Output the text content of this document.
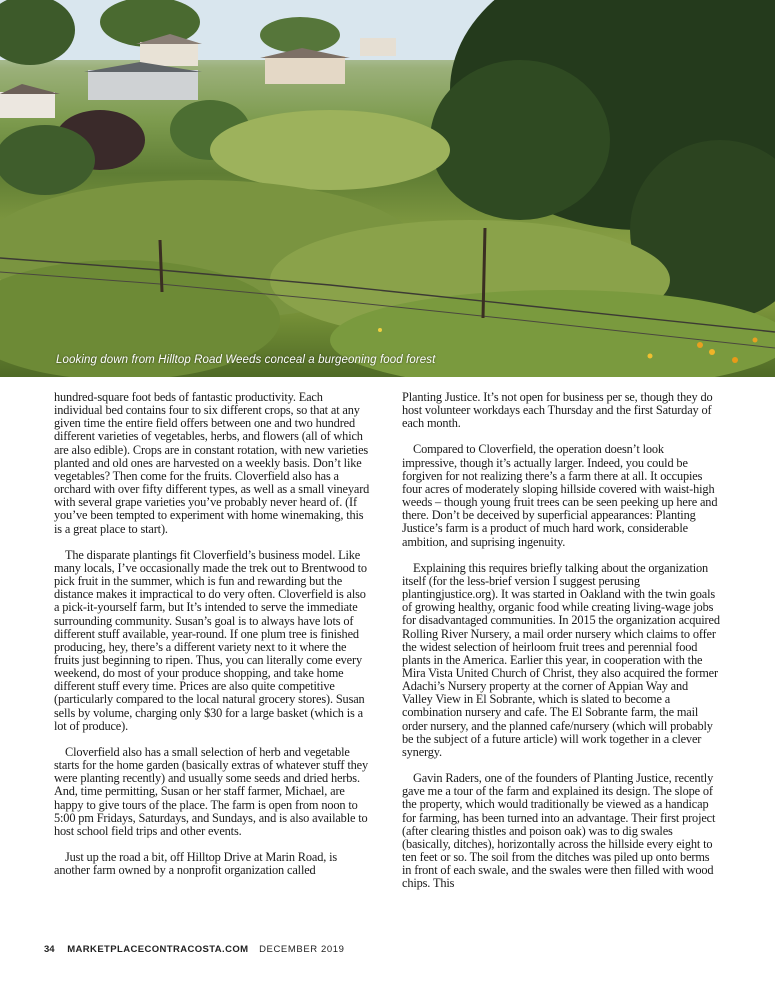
Looking down from Hilltop Road Weeds conceal a burgeoning food forest

hundred-square foot beds of fantastic productivity. Each individual bed contains four to six different crops, so that at any given time the entire field offers between one and two hundred different varieties of vegetables, herbs, and flowers (all of which are also edible). Crops are in constant rotation, with new varieties planted and old ones are harvested on a weekly basis. Don’t like vegetables? Then come for the fruits. Cloverfield also has a orchard with over fifty different types, as well as a small vineyard with several grape varieties you’ve probably never heard of. (If you’ve been tempted to experiment with home winemaking, this is a great place to start).

The disparate plantings fit Cloverfield’s business model. Like many locals, I’ve occasionally made the trek out to Brentwood to pick fruit in the summer, which is fun and rewarding but the distance makes it impractical to do very often. Cloverfield is also a pick-it-yourself farm, but It’s intended to serve the immediate surrounding community. Susan’s goal is to always have lots of different stuff available, year-round. If one plum tree is finished producing, hey, there’s a different variety next to it where the fruits just beginning to ripen. Thus, you can literally come every weekend, do most of your produce shopping, and take home different stuff every time. Prices are also quite competitive (particularly compared to the local natural grocery stores). Susan sells by volume, charging only $30 for a large basket (which is a lot of produce).

Cloverfield also has a small selection of herb and vegetable starts for the home garden (basically extras of whatever stuff they were planting recently) and usually some seeds and dried herbs. And, time permitting, Susan or her staff farmer, Michael, are happy to give tours of the place. The farm is open from noon to 5:00 pm Fridays, Saturdays, and Sundays, and is also available to host school field trips and other events.

Just up the road a bit, off Hilltop Drive at Marin Road, is another farm owned by a nonprofit organization called

Planting Justice. It’s not open for business per se, though they do host volunteer workdays each Thursday and the first Saturday of each month.

Compared to Cloverfield, the operation doesn’t look impressive, though it’s actually larger. Indeed, you could be forgiven for not realizing there’s a farm there at all. It occupies four acres of moderately sloping hillside covered with waist-high weeds – though young fruit trees can be seen peeking up here and there. Don’t be deceived by superficial appearances: Planting Justice’s farm is a product of much hard work, considerable ambition, and suprising ingenuity.

Explaining this requires briefly talking about the organization itself (for the less-brief version I suggest perusing plantingjustice.org). It was started in Oakland with the twin goals of growing healthy, organic food while creating living-wage jobs for disadvantaged communities. In 2015 the organization acquired Rolling River Nursery, a mail order nursery which claims to offer the widest selection of heirloom fruit trees and perennial food plants in the America. Earlier this year, in cooperation with the Mira Vista United Church of Christ, they also acquired the former Adachi’s Nursery property at the corner of Appian Way and Valley View in El Sobrante, which is slated to become a combination nursery and cafe. The El Sobrante farm, the mail order nursery, and the planned cafe/nursery (which will probably be the subject of a future article) will work together in a clever synergy.

Gavin Raders, one of the founders of Planting Justice, recently gave me a tour of the farm and explained its design. The slope of the property, which would traditionally be viewed as a handicap for farming, has been turned into an advantage. Their first project (after clearing thistles and poison oak) was to dig swales (basically, ditches), horizontally across the hillside every eight to ten feet or so. The soil from the ditches was piled up onto berms in front of each swale, and the swales were then filled with wood chips. This

34 MARKETPLACECONTRACOSTA.COM DECEMBER 2019
